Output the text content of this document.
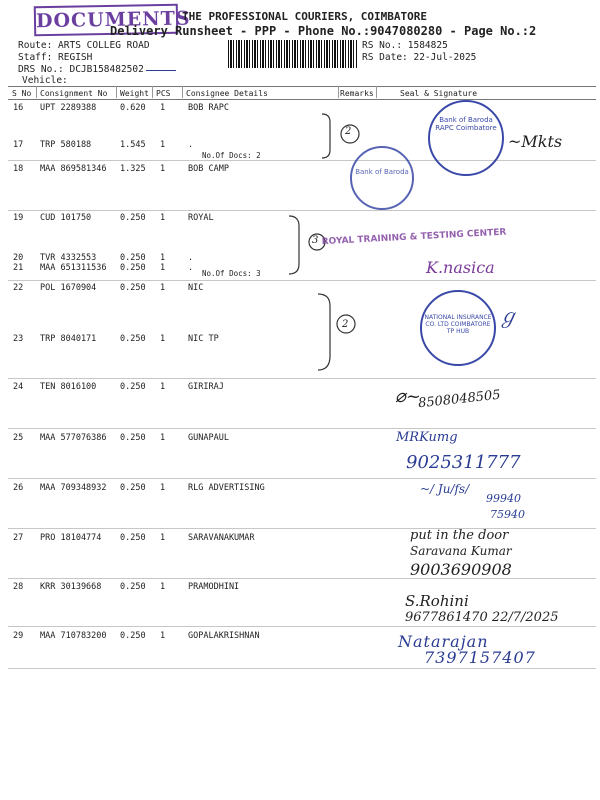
DOCUMENTS
THE PROFESSIONAL COURIERS, COIMBATORE
Delivery Runsheet - PPP - Phone No.:9047080280 - Page No.:2
Route: ARTS COLLEG ROAD
Staff: REGISH
DRS No.: DCJB158482502
Vehicle:
RS No.: 1584825
RS Date: 22-Jul-2025
S No Consignment No Weight PCS Consignee Details	Remarks	Seal & Signature
16 UPT 2289388	0.620 1	BOB RAPC
17 TRP 580188	1.545 1	.
No.Of Docs: 2
18 MAA 869581346 1.325 1	BOB CAMP
19 CUD 101750	0.250 1	ROYAL
20 TVR 4332553	0.250 1	.
21 MAA 651311536 0.250 1	.
No.Of Docs: 3
22 POL 1670904	0.250 1	NIC
23 TRP 8040171	0.250 1	NIC TP
24 TEN 8016100	0.250 1	GIRIRAJ
25 MAA 577076386 0.250 1	GUNAPAUL
26 MAA 709348932 0.250 1	RLG ADVERTISING
27 PRO 18104774 0.250 1	SARAVANAKUMAR
28 KRR 30139668 0.250 1	PRAMODHINI
29 MAA 710783200 0.250 1	GOPALAKRISHNAN
2
3
2
Bank of Baroda RAPC Coimbatore
~Mkts
Bank of Baroda
ROYAL TRAINING & TESTING CENTER
K.nasica
NATIONAL INSURANCE CO. LTD COIMBATORE TP HUB
ℊ
⌀~
8508048505
MRKumg
9025311777
~/ Ju/fs/
99940
75940
put in the door
Saravana Kumar
9003690908
S.Rohini
9677861470 22/7/2025
Natarajan
7397157407
